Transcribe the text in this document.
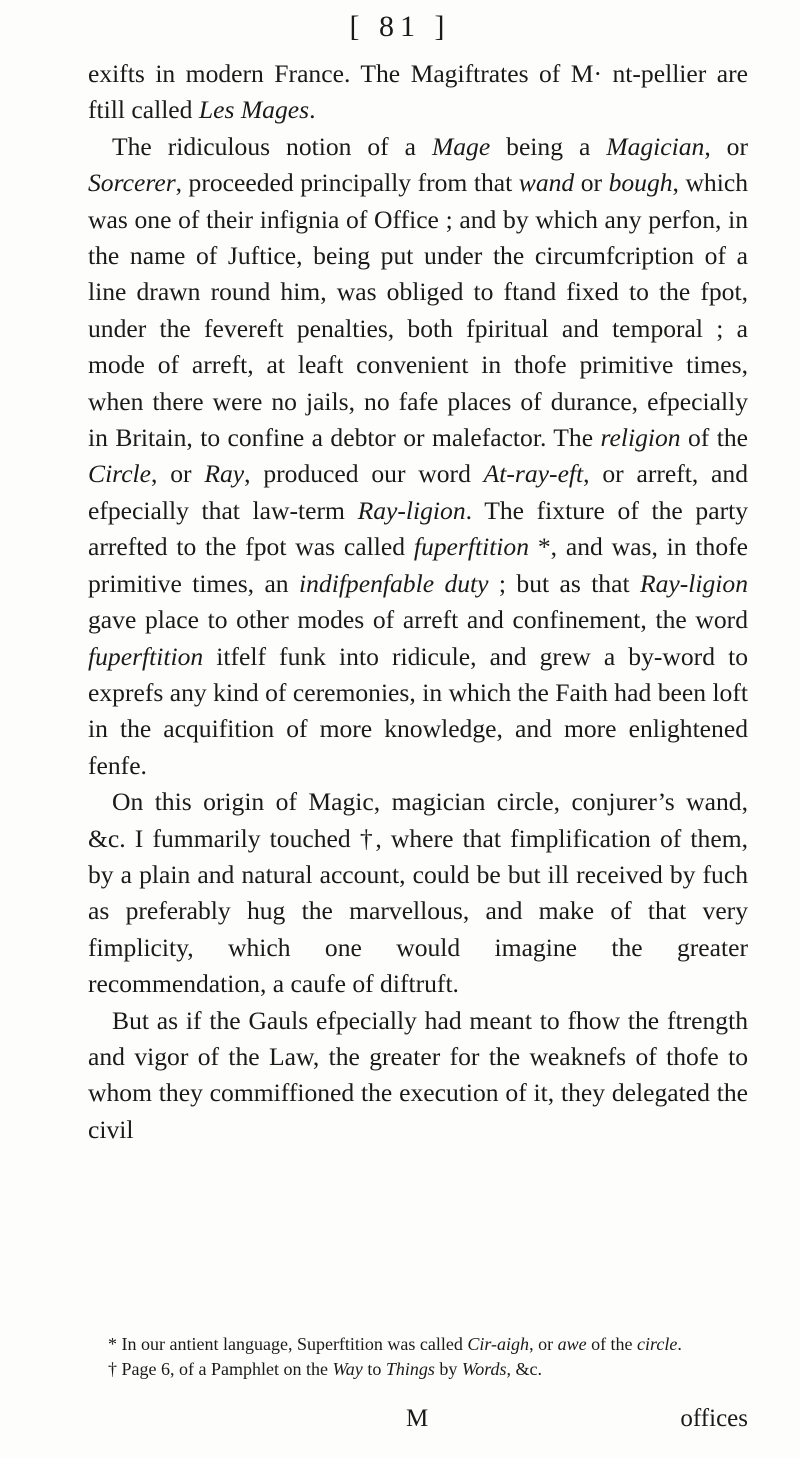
[ 81 ]

exifts in modern France. The Magiftrates of M· nt-pellier are ftill called Les Mages.

The ridiculous notion of a Mage being a Magician, or Sorcerer, proceeded principally from that wand or bough, which was one of their infignia of Office ; and by which any perfon, in the name of Juftice, being put under the circumfcription of a line drawn round him, was obliged to ftand fixed to the fpot, under the fevereft penalties, both fpiritual and temporal ; a mode of arreft, at leaft convenient in thofe primitive times, when there were no jails, no fafe places of durance, efpecially in Britain, to confine a debtor or malefactor. The religion of the Circle, or Ray, produced our word At-ray-eft, or arreft, and efpecially that law-term Ray-ligion. The fixture of the party arrefted to the fpot was called fuperftition *, and was, in thofe primitive times, an indifpenfable duty ; but as that Ray-ligion gave place to other modes of arreft and confinement, the word fuperftition itfelf funk into ridicule, and grew a by-word to exprefs any kind of ceremonies, in which the Faith had been loft in the acquifition of more knowledge, and more enlightened fenfe.

On this origin of Magic, magician circle, conjurer’s wand, &c. I fummarily touched †, where that fimplification of them, by a plain and natural account, could be but ill received by fuch as preferably hug the marvellous, and make of that very fimplicity, which one would imagine the greater recommendation, a caufe of diftruft.

But as if the Gauls efpecially had meant to fhow the ftrength and vigor of the Law, the greater for the weaknefs of thofe to whom they commiffioned the execution of it, they delegated the civil

* In our antient language, Superftition was called Cir-aigh, or awe of the circle.

† Page 6, of a Pamphlet on the Way to Things by Words, &c.

M	offices
